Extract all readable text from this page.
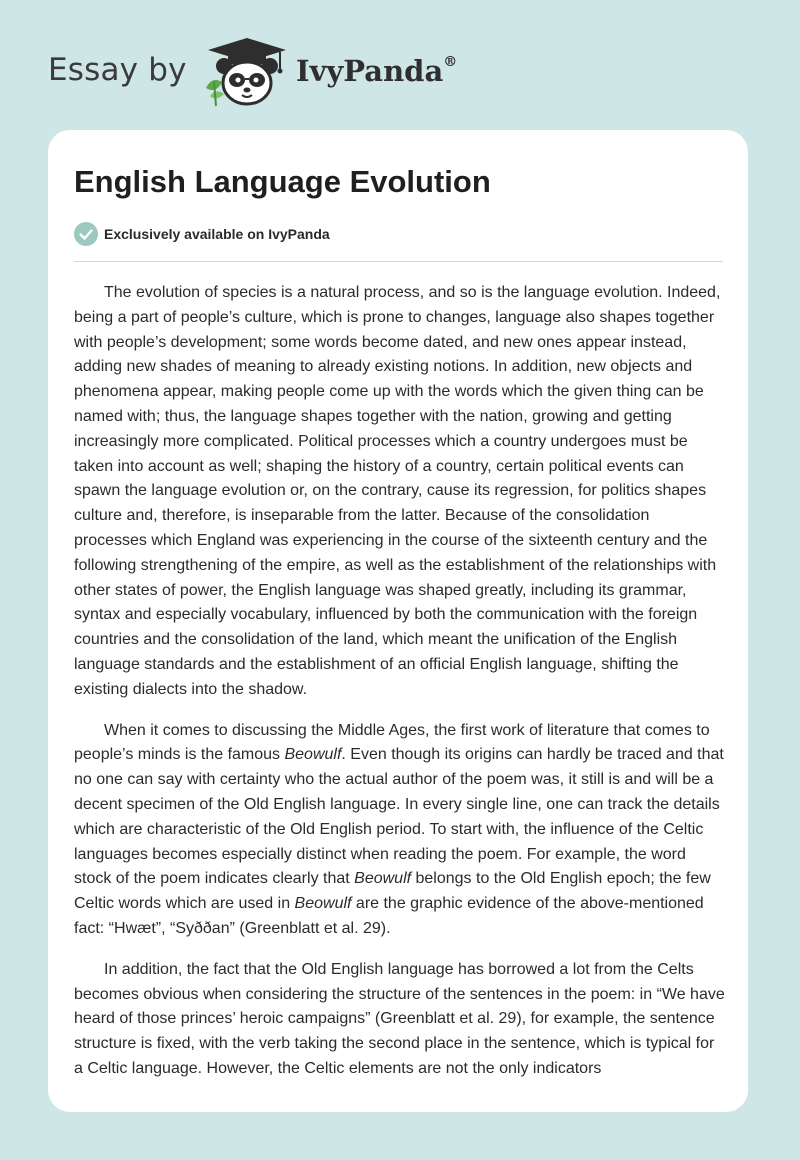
Essay by	IvyPanda®
English Language Evolution
Exclusively available on IvyPanda

The evolution of species is a natural process, and so is the language evolution. Indeed, being a part of people’s culture, which is prone to changes, language also shapes together with people’s development; some words become dated, and new ones appear instead, adding new shades of meaning to already existing notions. In addition, new objects and phenomena appear, making people come up with the words which the given thing can be named with; thus, the language shapes together with the nation, growing and getting increasingly more complicated. Political processes which a country undergoes must be taken into account as well; shaping the history of a country, certain political events can spawn the language evolution or, on the contrary, cause its regression, for politics shapes culture and, therefore, is inseparable from the latter. Because of the consolidation processes which England was experiencing in the course of the sixteenth century and the following strengthening of the empire, as well as the establishment of the relationships with other states of power, the English language was shaped greatly, including its grammar, syntax and especially vocabulary, influenced by both the communication with the foreign countries and the consolidation of the land, which meant the unification of the English language standards and the establishment of an official English language, shifting the existing dialects into the shadow.

When it comes to discussing the Middle Ages, the first work of literature that comes to people’s minds is the famous Beowulf. Even though its origins can hardly be traced and that no one can say with certainty who the actual author of the poem was, it still is and will be a decent specimen of the Old English language. In every single line, one can track the details which are characteristic of the Old English period. To start with, the influence of the Celtic languages becomes especially distinct when reading the poem. For example, the word stock of the poem indicates clearly that Beowulf belongs to the Old English epoch; the few Celtic words which are used in Beowulf are the graphic evidence of the above-mentioned fact: “Hwæt”, “Syððan” (Greenblatt et al. 29).

In addition, the fact that the Old English language has borrowed a lot from the Celts becomes obvious when considering the structure of the sentences in the poem: in “We have heard of those princes’ heroic campaigns” (Greenblatt et al. 29), for example, the sentence structure is fixed, with the verb taking the second place in the sentence, which is typical for a Celtic language. However, the Celtic elements are not the only indicators
